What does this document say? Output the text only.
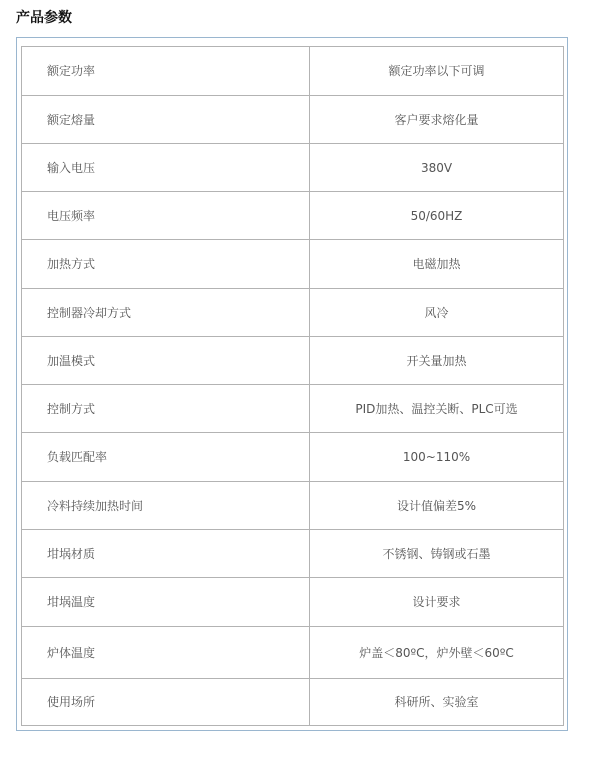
产品参数
额定功率	额定功率以下可调
额定熔量	客户要求熔化量
输入电压	380V
电压频率	50/60HZ
加热方式	电磁加热
控制器冷却方式	风冷
加温模式	开关量加热
控制方式	PID加热、温控关断、PLC可选
负载匹配率	100~110%
冷料持续加热时间	设计值偏差5%
坩埚材质	不锈钢、铸钢或石墨
坩埚温度	设计要求
炉体温度	炉盖＜80ºC，炉外壁＜60ºC
使用场所	科研所、实验室
